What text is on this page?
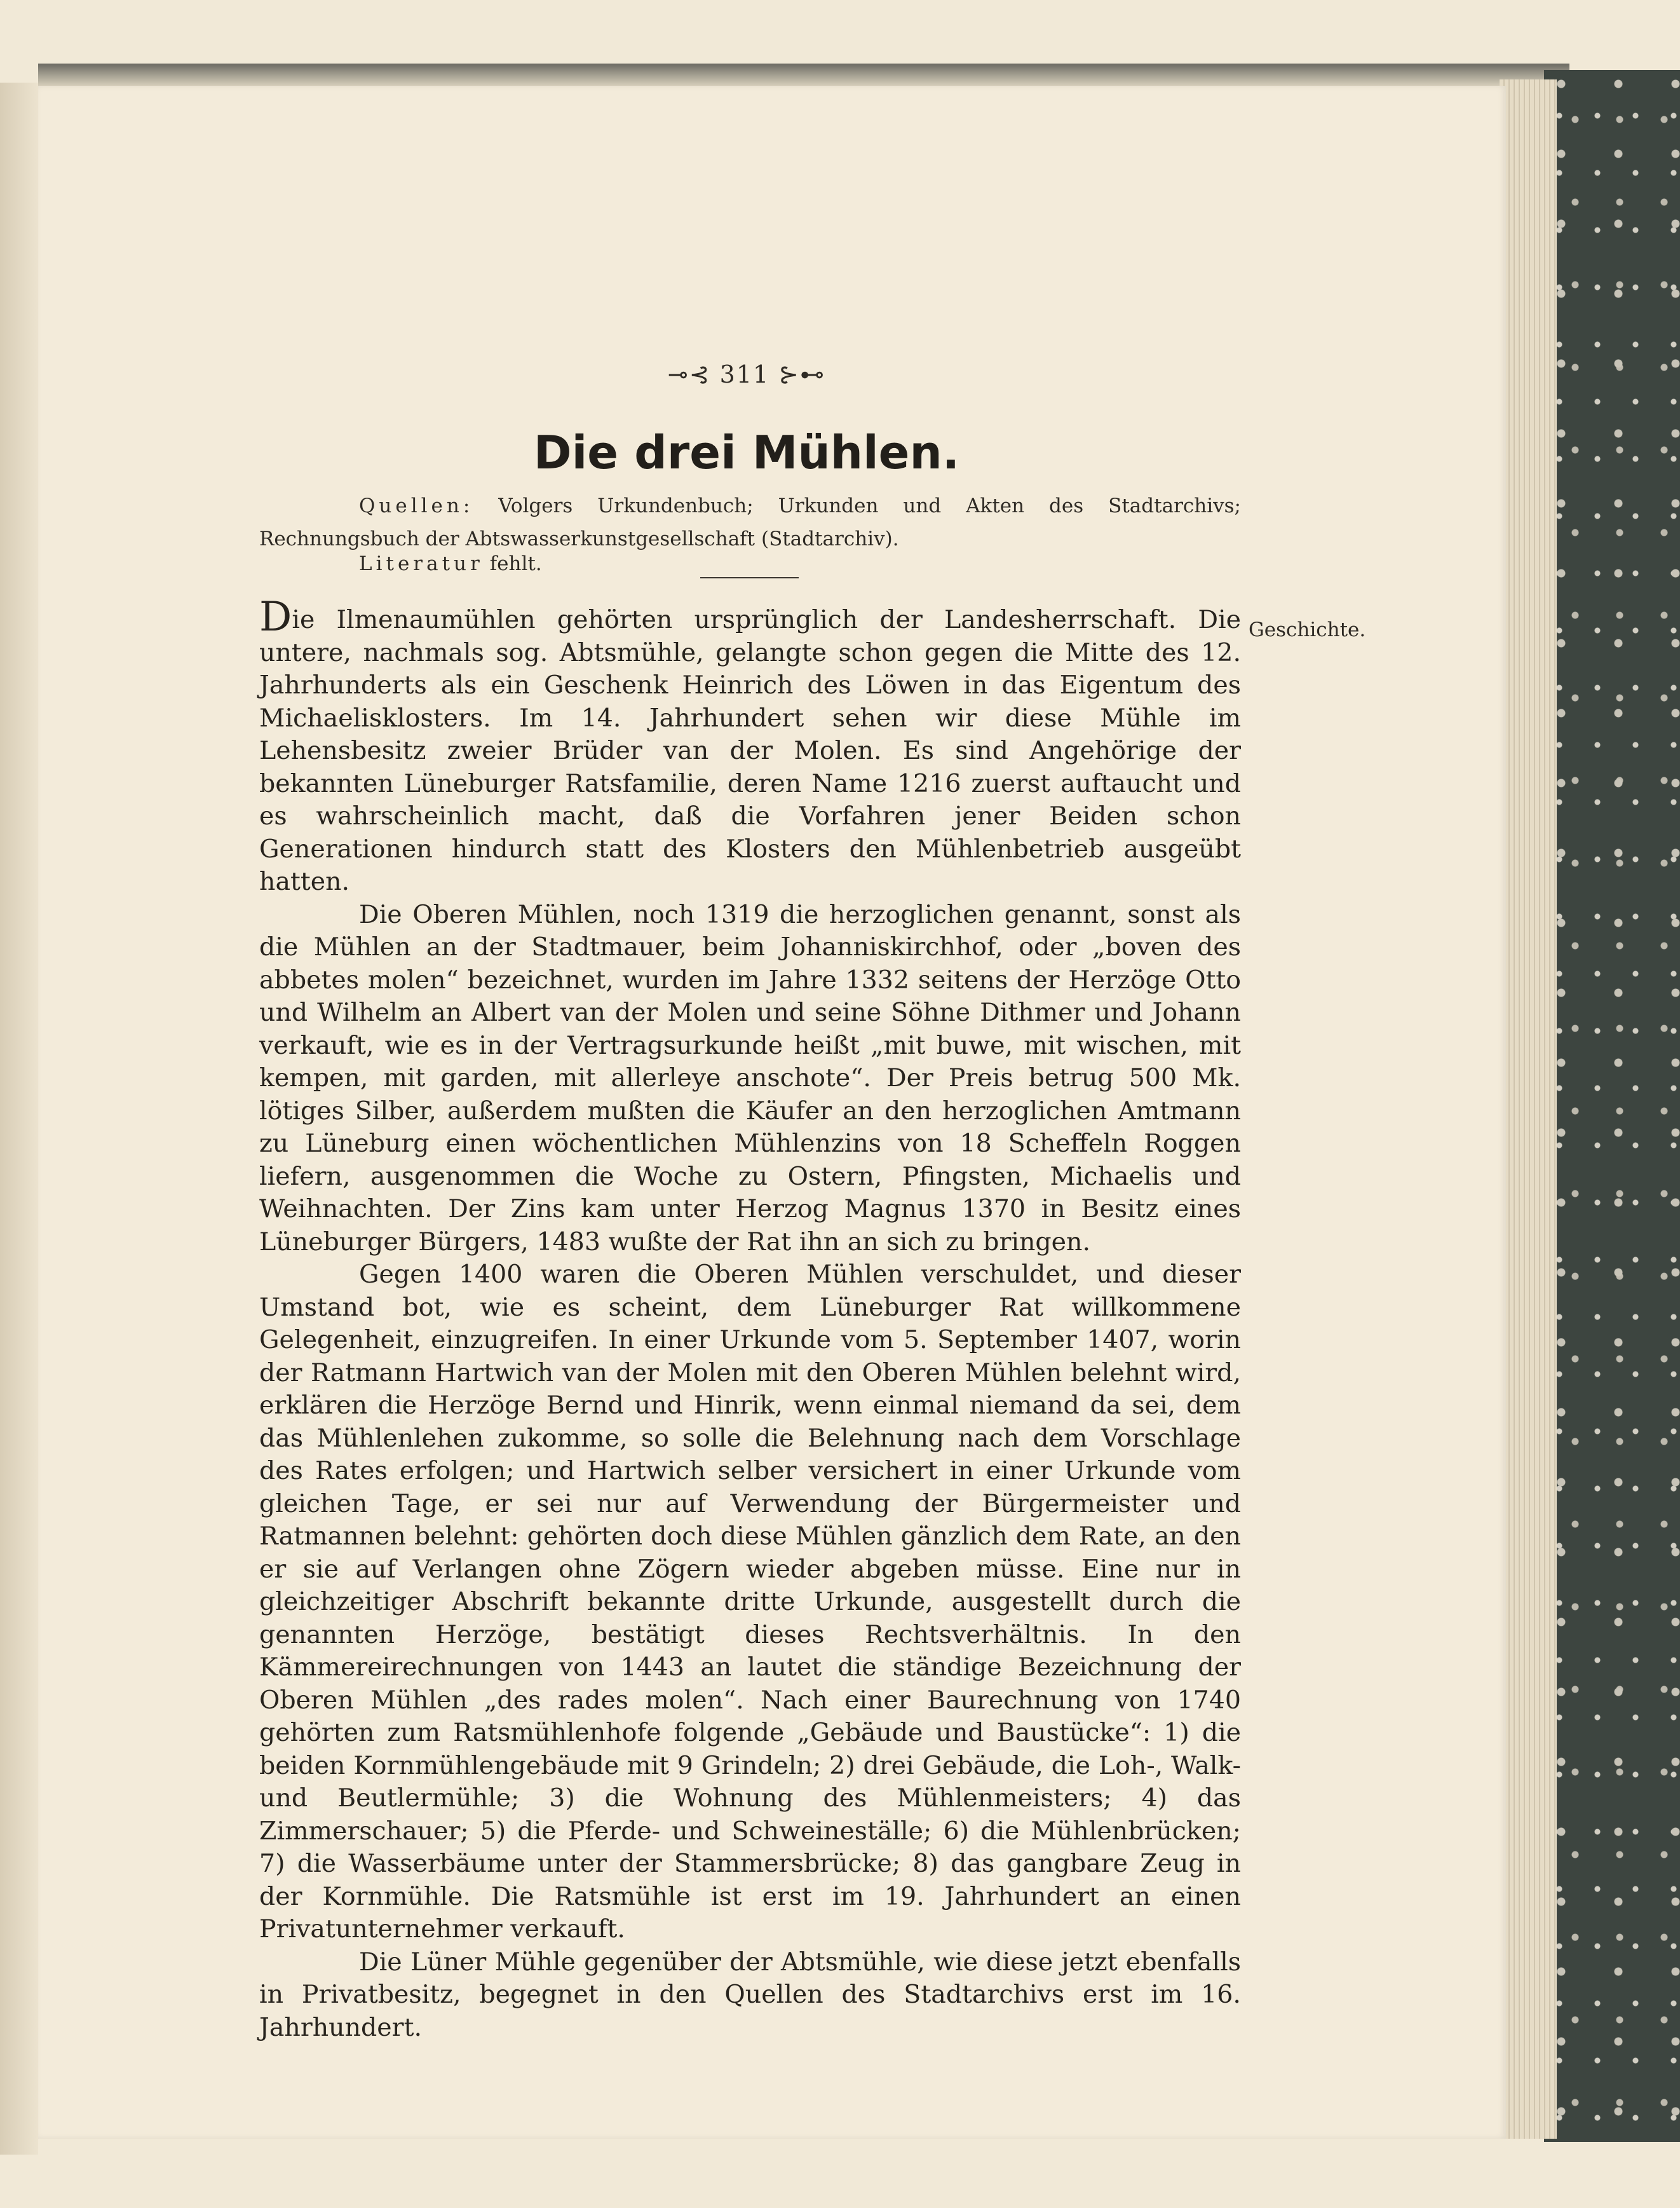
⊸⊰ 311 ⊱⊷
Die drei Mühlen.
Quellen: Volgers Urkundenbuch; Urkunden und Akten des Stadtarchivs; Rechnungsbuch der Abtswasserkunstgesellschaft (Stadtarchiv).
Literatur fehlt.
Geschichte.

Die Ilmenaumühlen gehörten ursprünglich der Landesherrschaft. Die untere, nachmals sog. Abtsmühle, gelangte schon gegen die Mitte des 12. Jahrhunderts als ein Geschenk Heinrich des Löwen in das Eigentum des Michaelisklosters. Im 14. Jahrhundert sehen wir diese Mühle im Lehensbesitz zweier Brüder van der Molen. Es sind Angehörige der bekannten Lüneburger Ratsfamilie, deren Name 1216 zuerst auftaucht und es wahrscheinlich macht, daß die Vorfahren jener Beiden schon Generationen hindurch statt des Klosters den Mühlenbetrieb ausgeübt hatten.

Die Oberen Mühlen, noch 1319 die herzoglichen genannt, sonst als die Mühlen an der Stadtmauer, beim Johanniskirchhof, oder „boven des abbetes molen“ bezeichnet, wurden im Jahre 1332 seitens der Herzöge Otto und Wilhelm an Albert van der Molen und seine Söhne Dithmer und Johann verkauft, wie es in der Vertragsurkunde heißt „mit buwe, mit wischen, mit kempen, mit garden, mit allerleye anschote“. Der Preis betrug 500 Mk. lötiges Silber, außerdem mußten die Käufer an den herzoglichen Amtmann zu Lüneburg einen wöchentlichen Mühlenzins von 18 Scheffeln Roggen liefern, ausgenommen die Woche zu Ostern, Pfingsten, Michaelis und Weihnachten. Der Zins kam unter Herzog Magnus 1370 in Besitz eines Lüneburger Bürgers, 1483 wußte der Rat ihn an sich zu bringen.

Gegen 1400 waren die Oberen Mühlen verschuldet, und dieser Umstand bot, wie es scheint, dem Lüneburger Rat willkommene Gelegenheit, einzugreifen. In einer Urkunde vom 5. September 1407, worin der Ratmann Hartwich van der Molen mit den Oberen Mühlen belehnt wird, erklären die Herzöge Bernd und Hinrik, wenn einmal niemand da sei, dem das Mühlenlehen zukomme, so solle die Belehnung nach dem Vorschlage des Rates erfolgen; und Hartwich selber versichert in einer Urkunde vom gleichen Tage, er sei nur auf Verwendung der Bürgermeister und Ratmannen belehnt: gehörten doch diese Mühlen gänzlich dem Rate, an den er sie auf Verlangen ohne Zögern wieder abgeben müsse. Eine nur in gleichzeitiger Abschrift bekannte dritte Urkunde, ausgestellt durch die genannten Herzöge, bestätigt dieses Rechtsverhältnis. In den Kämmereirechnungen von 1443 an lautet die ständige Bezeichnung der Oberen Mühlen „des rades molen“. Nach einer Baurechnung von 1740 gehörten zum Ratsmühlenhofe folgende „Gebäude und Baustücke“: 1) die beiden Kornmühlengebäude mit 9 Grindeln; 2) drei Gebäude, die Loh-, Walk- und Beutlermühle; 3) die Wohnung des Mühlenmeisters; 4) das Zimmerschauer; 5) die Pferde- und Schweineställe; 6) die Mühlenbrücken; 7) die Wasserbäume unter der Stammersbrücke; 8) das gangbare Zeug in der Kornmühle. Die Ratsmühle ist erst im 19. Jahrhundert an einen Privatunternehmer verkauft.

Die Lüner Mühle gegenüber der Abtsmühle, wie diese jetzt ebenfalls in Privatbesitz, begegnet in den Quellen des Stadtarchivs erst im 16. Jahrhundert.
